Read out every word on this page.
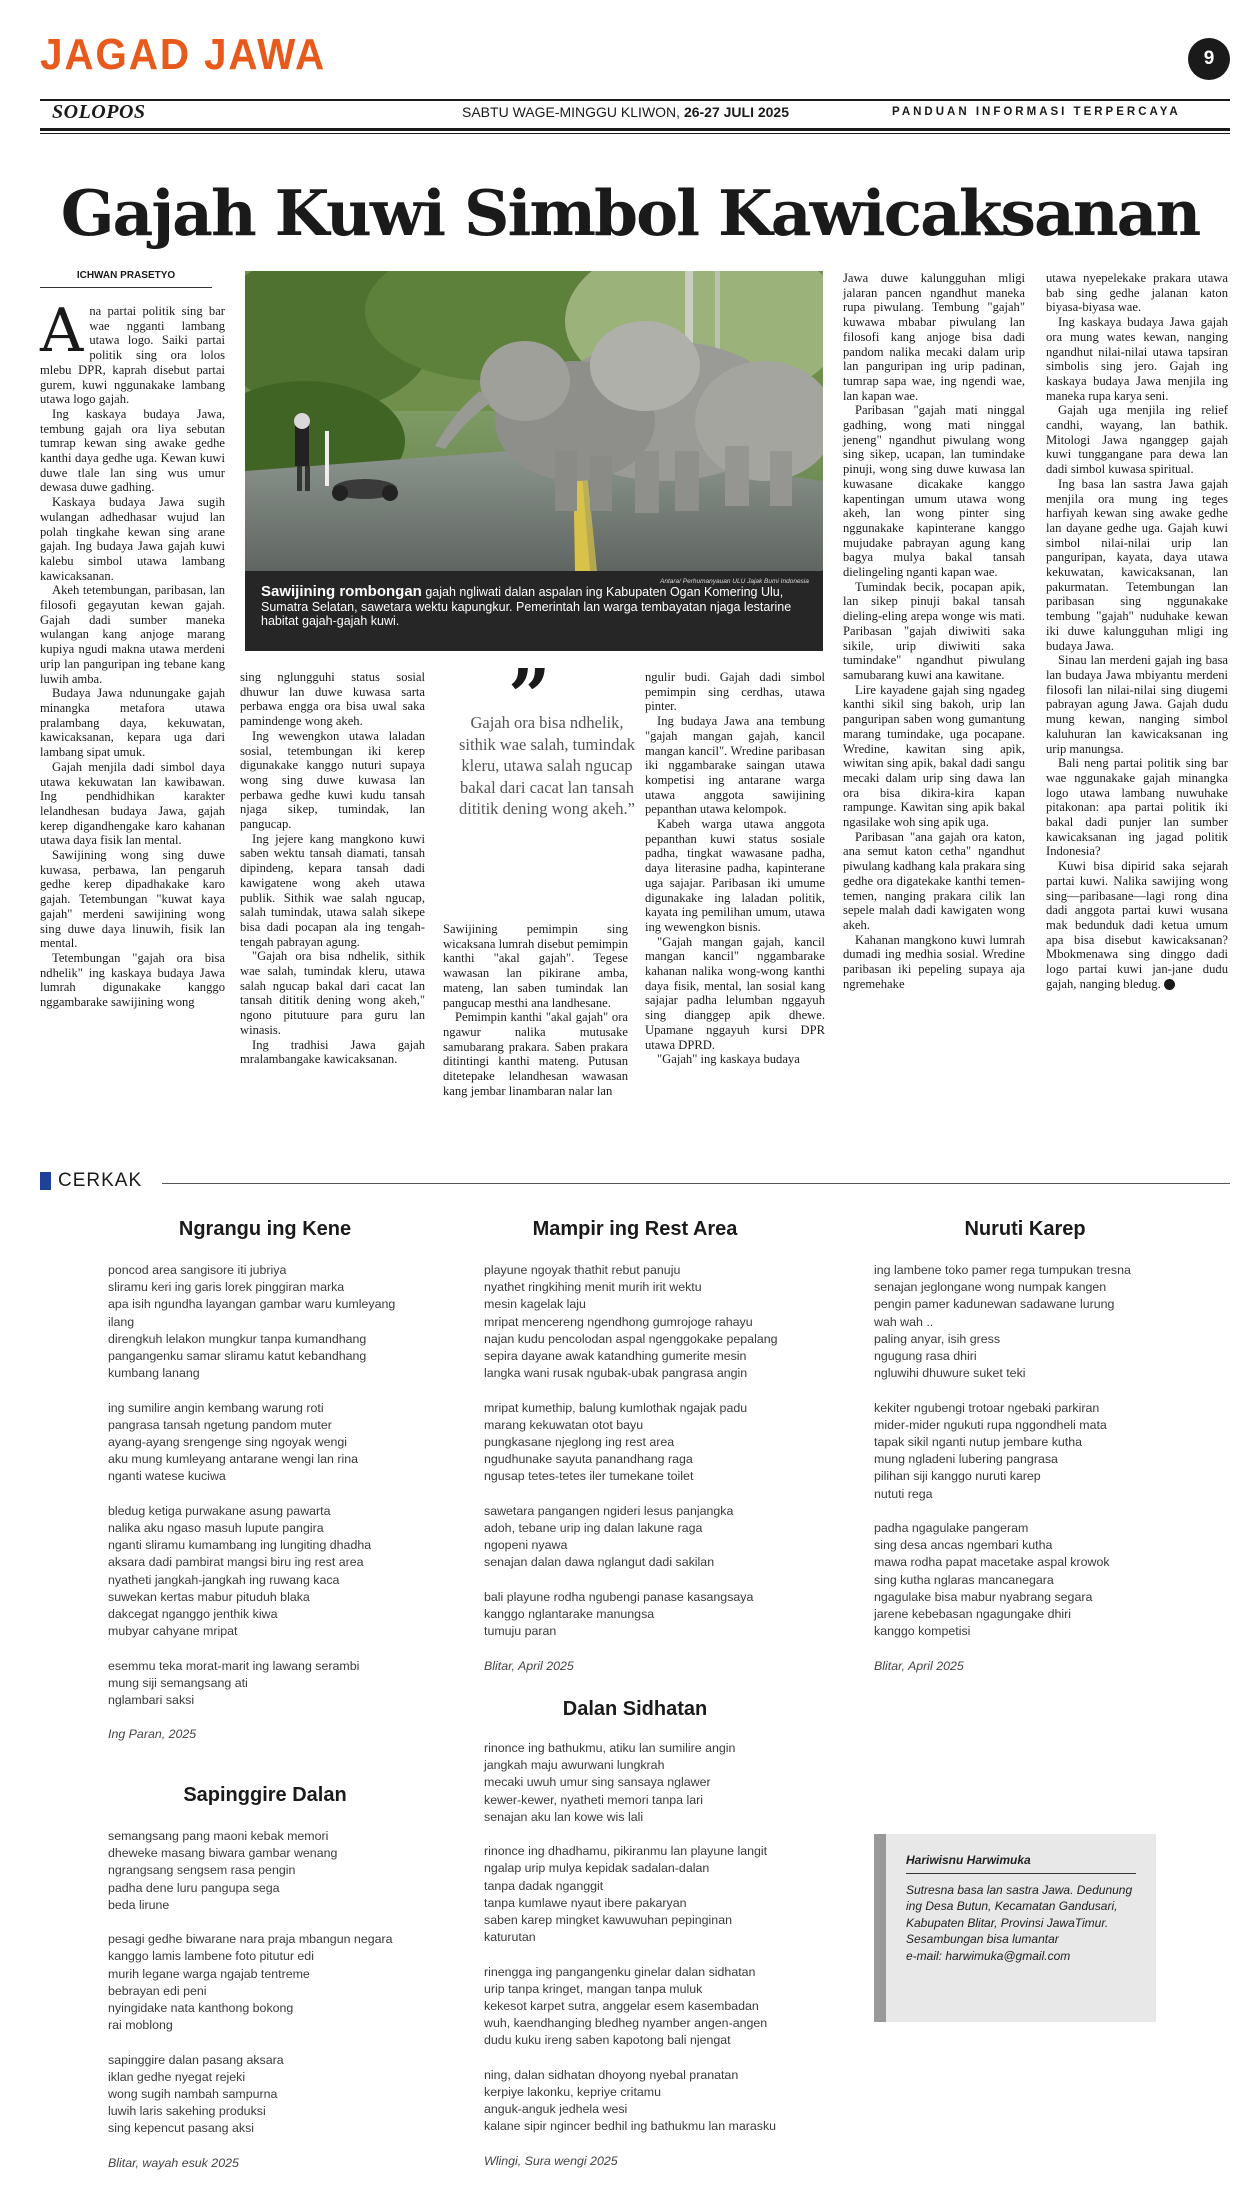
JAGAD JAWA	9
SOLOPOS	SABTU WAGE-MINGGU KLIWON, 26-27 JULI 2025	PANDUAN INFORMASI TERPERCAYA
Gajah Kuwi Simbol Kawicaksanan
ICHWAN PRASETYO
A na partai politik sing bar wae ngganti lambang utawa logo. Saiki partai politik sing ora lolos mlebu DPR, kaprah disebut partai gurem, kuwi nggunakake lambang utawa logo gajah.

Ing kaskaya budaya Jawa, tembung gajah ora liya sebutan tumrap kewan sing awake gedhe kanthi daya gedhe uga. Kewan kuwi duwe tlale lan sing wus umur dewasa duwe gadhing.

Kaskaya budaya Jawa sugih wulangan adhedhasar wujud lan polah tingkahe kewan sing arane gajah. Ing budaya Jawa gajah kuwi kalebu simbol utawa lambang kawicaksanan.

Akeh tetembungan, paribasan, lan filosofi gegayutan kewan gajah. Gajah dadi sumber maneka wulangan kang anjoge marang kupiya ngudi makna utawa merdeni urip lan panguripan ing tebane kang luwih amba.

Budaya Jawa ndunungake gajah minangka metafora utawa pralambang daya, kekuwatan, kawicaksanan, kepara uga dari lambang sipat umuk.

Gajah menjila dadi simbol daya utawa kekuwatan lan kawibawan. Ing pendhidhikan karakter lelandhesan budaya Jawa, gajah kerep digandhengake karo kahanan utawa daya fisik lan mental.

Sawijining wong sing duwe kuwasa, perbawa, lan pengaruh gedhe kerep dipadhakake karo gajah. Tetembungan "kuwat kaya gajah" merdeni sawijining wong sing duwe daya linuwih, fisik lan mental.

Tetembungan "gajah ora bisa ndhelik" ing kaskaya budaya Jawa lumrah digunakake kanggo nggambarake sawijining wong

Sawijining rombongan gajah ngliwati dalan aspalan ing Kabupaten Ogan Komering Ulu, Sumatra Selatan, sawetara wektu kapungkur. Pemerintah lan warga tembayatan njaga lestarine habitat gajah-gajah kuwi.
Antara/ Perhumanyauan ULU Jajak Bumi Indonesia

sing nglungguhi status sosial dhuwur lan duwe kuwasa sarta perbawa engga ora bisa uwal saka pamindenge wong akeh.

Ing wewengkon utawa laladan sosial, tetembungan iki kerep digunakake kanggo nuturi supaya wong sing duwe kuwasa lan perbawa gedhe kuwi kudu tansah njaga sikep, tumindak, lan pangucap.

Ing jejere kang mangkono kuwi saben wektu tansah diamati, tansah dipindeng, kepara tansah dadi kawigatene wong akeh utawa publik. Sithik wae salah ngucap, salah tumindak, utawa salah sikepe bisa dadi pocapan ala ing tengah-tengah pabrayan agung.

"Gajah ora bisa ndhelik, sithik wae salah, tumindak kleru, utawa salah ngucap bakal dari cacat lan tansah dititik dening wong akeh," ngono pitutuure para guru lan winasis.

Ing tradhisi Jawa gajah mralambangake kawicaksanan.

”
Gajah ora bisa ndhelik, sithik wae salah, tumindak kleru, utawa salah ngucap bakal dari cacat lan tansah dititik dening wong akeh.”

Sawijining pemimpin sing wicaksana lumrah disebut pemimpin kanthi "akal gajah". Tegese wawasan lan pikirane amba, mateng, lan saben tumindak lan pangucap mesthi ana landhesane.

Pemimpin kanthi "akal gajah" ora ngawur nalika mutusake samubarang prakara. Saben prakara ditintingi kanthi mateng. Putusan ditetepake lelandhesan wawasan kang jembar linambaran nalar lan

ngulir budi. Gajah dadi simbol pemimpin sing cerdhas, utawa pinter.

Ing budaya Jawa ana tembung "gajah mangan gajah, kancil mangan kancil". Wredine paribasan iki nggambarake saingan utawa kompetisi ing antarane warga utawa anggota sawijining pepanthan utawa kelompok.

Kabeh warga utawa anggota pepanthan kuwi status sosiale padha, tingkat wawasane padha, daya literasine padha, kapinterane uga sajajar. Paribasan iki umume digunakake ing laladan politik, kayata ing pemilihan umum, utawa ing wewengkon bisnis.

"Gajah mangan gajah, kancil mangan kancil" nggambarake kahanan nalika wong-wong kanthi daya fisik, mental, lan sosial kang sajajar padha lelumban nggayuh sing dianggep apik dhewe. Upamane nggayuh kursi DPR utawa DPRD.

"Gajah" ing kaskaya budaya

Jawa duwe kalungguhan mligi jalaran pancen ngandhut maneka rupa piwulang. Tembung "gajah" kuwawa mbabar piwulang lan filosofi kang anjoge bisa dadi pandom nalika mecaki dalam urip lan panguripan ing urip padinan, tumrap sapa wae, ing ngendi wae, lan kapan wae.

Paribasan "gajah mati ninggal gadhing, wong mati ninggal jeneng" ngandhut piwulang wong sing sikep, ucapan, lan tumindake pinuji, wong sing duwe kuwasa lan kuwasane dicakake kanggo kapentingan umum utawa wong akeh, lan wong pinter sing nggunakake kapinterane kanggo mujudake pabrayan agung kang bagya mulya bakal tansah dielingeling nganti kapan wae.

Tumindak becik, pocapan apik, lan sikep pinuji bakal tansah dieling-eling arepa wonge wis mati. Paribasan "gajah diwiwiti saka sikile, urip diwiwiti saka tumindake" ngandhut piwulang samubarang kuwi ana kawitane.

Lire kayadene gajah sing ngadeg kanthi sikil sing bakoh, urip lan panguripan saben wong gumantung marang tumindake, uga pocapane. Wredine, kawitan sing apik, wiwitan sing apik, bakal dadi sangu mecaki dalam urip sing dawa lan ora bisa dikira-kira kapan rampunge. Kawitan sing apik bakal ngasilake woh sing apik uga.

Paribasan "ana gajah ora katon, ana semut katon cetha" ngandhut piwulang kadhang kala prakara sing gedhe ora digatekake kanthi temen-temen, nanging prakara cilik lan sepele malah dadi kawigaten wong akeh.

Kahanan mangkono kuwi lumrah dumadi ing medhia sosial. Wredine paribasan iki pepeling supaya aja ngremehake

utawa nyepelekake prakara utawa bab sing gedhe jalanan katon biyasa-biyasa wae.

Ing kaskaya budaya Jawa gajah ora mung wates kewan, nanging ngandhut nilai-nilai utawa tapsiran simbolis sing jero. Gajah ing kaskaya budaya Jawa menjila ing maneka rupa karya seni.

Gajah uga menjila ing relief candhi, wayang, lan bathik. Mitologi Jawa nganggep gajah kuwi tunggangane para dewa lan dadi simbol kuwasa spiritual.

Ing basa lan sastra Jawa gajah menjila ora mung ing teges harfiyah kewan sing awake gedhe lan dayane gedhe uga. Gajah kuwi simbol nilai-nilai urip lan panguripan, kayata, daya utawa kekuwatan, kawicaksanan, lan pakurmatan. Tetembungan lan paribasan sing nggunakake tembung "gajah" nuduhake kewan iki duwe kalungguhan mligi ing budaya Jawa.

Sinau lan merdeni gajah ing basa lan budaya Jawa mbiyantu merdeni filosofi lan nilai-nilai sing diugemi pabrayan agung Jawa. Gajah dudu mung kewan, nanging simbol kaluhuran lan kawicaksanan ing urip manungsa.

Bali neng partai politik sing bar wae nggunakake gajah minangka logo utawa lambang nuwuhake pitakonan: apa partai politik iki bakal dadi punjer lan sumber kawicaksanan ing jagad politik Indonesia?

Kuwi bisa dipirid saka sejarah partai kuwi. Nalika sawijing wong sing—paribasane—lagi rong dina dadi anggota partai kuwi wusana mak bedunduk dadi ketua umum apa bisa disebut kawicaksanan? Mbokmenawa sing dinggo dadi logo partai kuwi jan-jane dudu gajah, nanging bledug.

CERKAK
Ngrangu ing Kene
poncod area sangisore iti jubriya
sliramu keri ing garis lorek pinggiran marka
apa isih ngundha layangan gambar waru kumleyang
ilang
direngkuh lelakon mungkur tanpa kumandhang
pangangenku samar sliramu katut kebandhang
kumbang lanang
ing sumilire angin kembang warung roti
pangrasa tansah ngetung pandom muter
ayang-ayang srengenge sing ngoyak wengi
aku mung kumleyang antarane wengi lan rina
nganti watese kuciwa
bledug ketiga purwakane asung pawarta
nalika aku ngaso masuh lupute pangira
nganti sliramu kumambang ing lungiting dhadha
aksara dadi pambirat mangsi biru ing rest area
nyatheti jangkah-jangkah ing ruwang kaca
suwekan kertas mabur pituduh blaka
dakcegat nganggo jenthik kiwa
mubyar cahyane mripat
esemmu teka morat-marit ing lawang serambi
mung siji semangsang ati
nglambari saksi
Ing Paran, 2025
Mampir ing Rest Area
playune ngoyak thathit rebut panuju
nyathet ringkihing menit murih irit wektu
mesin kagelak laju
mripat mencereng ngendhong gumrojoge rahayu
najan kudu pencolodan aspal ngenggokake pepalang
sepira dayane awak katandhing gumerite mesin
langka wani rusak ngubak-ubak pangrasa angin
mripat kumethip, balung kumlothak ngajak padu
marang kekuwatan otot bayu
pungkasane njeglong ing rest area
ngudhunake sayuta panandhang raga
ngusap tetes-tetes iler tumekane toilet
sawetara pangangen ngideri lesus panjangka
adoh, tebane urip ing dalan lakune raga
ngopeni nyawa
senajan dalan dawa nglangut dadi sakilan
bali playune rodha ngubengi panase kasangsaya
kanggo nglantarake manungsa
tumuju paran
Blitar, April 2025
Nuruti Karep
ing lambene toko pamer rega tumpukan tresna
senajan jeglongane wong numpak kangen
pengin pamer kadunewan sadawane lurung
wah wah ..
paling anyar, isih gress
ngugung rasa dhiri
ngluwihi dhuwure suket teki
kekiter ngubengi trotoar ngebaki parkiran
mider-mider ngukuti rupa nggondheli mata
tapak sikil nganti nutup jembare kutha
mung ngladeni lubering pangrasa
pilihan siji kanggo nuruti karep
nututi rega
padha ngagulake pangeram
sing desa ancas ngembari kutha
mawa rodha papat macetake aspal krowok
sing kutha nglaras mancanegara
ngagulake bisa mabur nyabrang segara
jarene kebebasan ngagungake dhiri
kanggo kompetisi
Blitar, April 2025
Dalan Sidhatan
rinonce ing bathukmu, atiku lan sumilire angin
jangkah maju awurwani lungkrah
mecaki uwuh umur sing sansaya nglawer
kewer-kewer, nyatheti memori tanpa lari
senajan aku lan kowe wis lali
rinonce ing dhadhamu, pikiranmu lan playune langit
ngalap urip mulya kepidak sadalan-dalan
tanpa dadak nganggit
tanpa kumlawe nyaut ibere pakaryan
saben karep mingket kawuwuhan pepinginan
katurutan
rinengga ing pangangenku ginelar dalan sidhatan
urip tanpa kringet, mangan tanpa muluk
kekesot karpet sutra, anggelar esem kasembadan
wuh, kaendhanging bledheg nyamber angen-angen
dudu kuku ireng saben kapotong bali njengat
ning, dalan sidhatan dhoyong nyebal pranatan
kerpiye lakonku, kepriye critamu
anguk-anguk jedhela wesi
kalane sipir ngincer bedhil ing bathukmu lan marasku
Wlingi, Sura wengi 2025
Sapinggire Dalan
semangsang pang maoni kebak memori
dheweke masang biwara gambar wenang
ngrangsang sengsem rasa pengin
padha dene luru pangupa sega
beda lirune
pesagi gedhe biwarane nara praja mbangun negara
kanggo lamis lambene foto pitutur edi
murih legane warga ngajab tentreme
bebrayan edi peni
nyingidake nata kanthong bokong
rai moblong
sapinggire dalan pasang aksara
iklan gedhe nyegat rejeki
wong sugih nambah sampurna
luwih laris sakehing produksi
sing kepencut pasang aksi
Blitar, wayah esuk 2025
Hariwisnu Harwimuka
Sutresna basa lan sastra Jawa. Dedunung ing Desa Butun, Kecamatan Gandusari, Kabupaten Blitar, Provinsi JawaTimur. Sesambungan bisa lumantar
e-mail: harwimuka@gmail.com
